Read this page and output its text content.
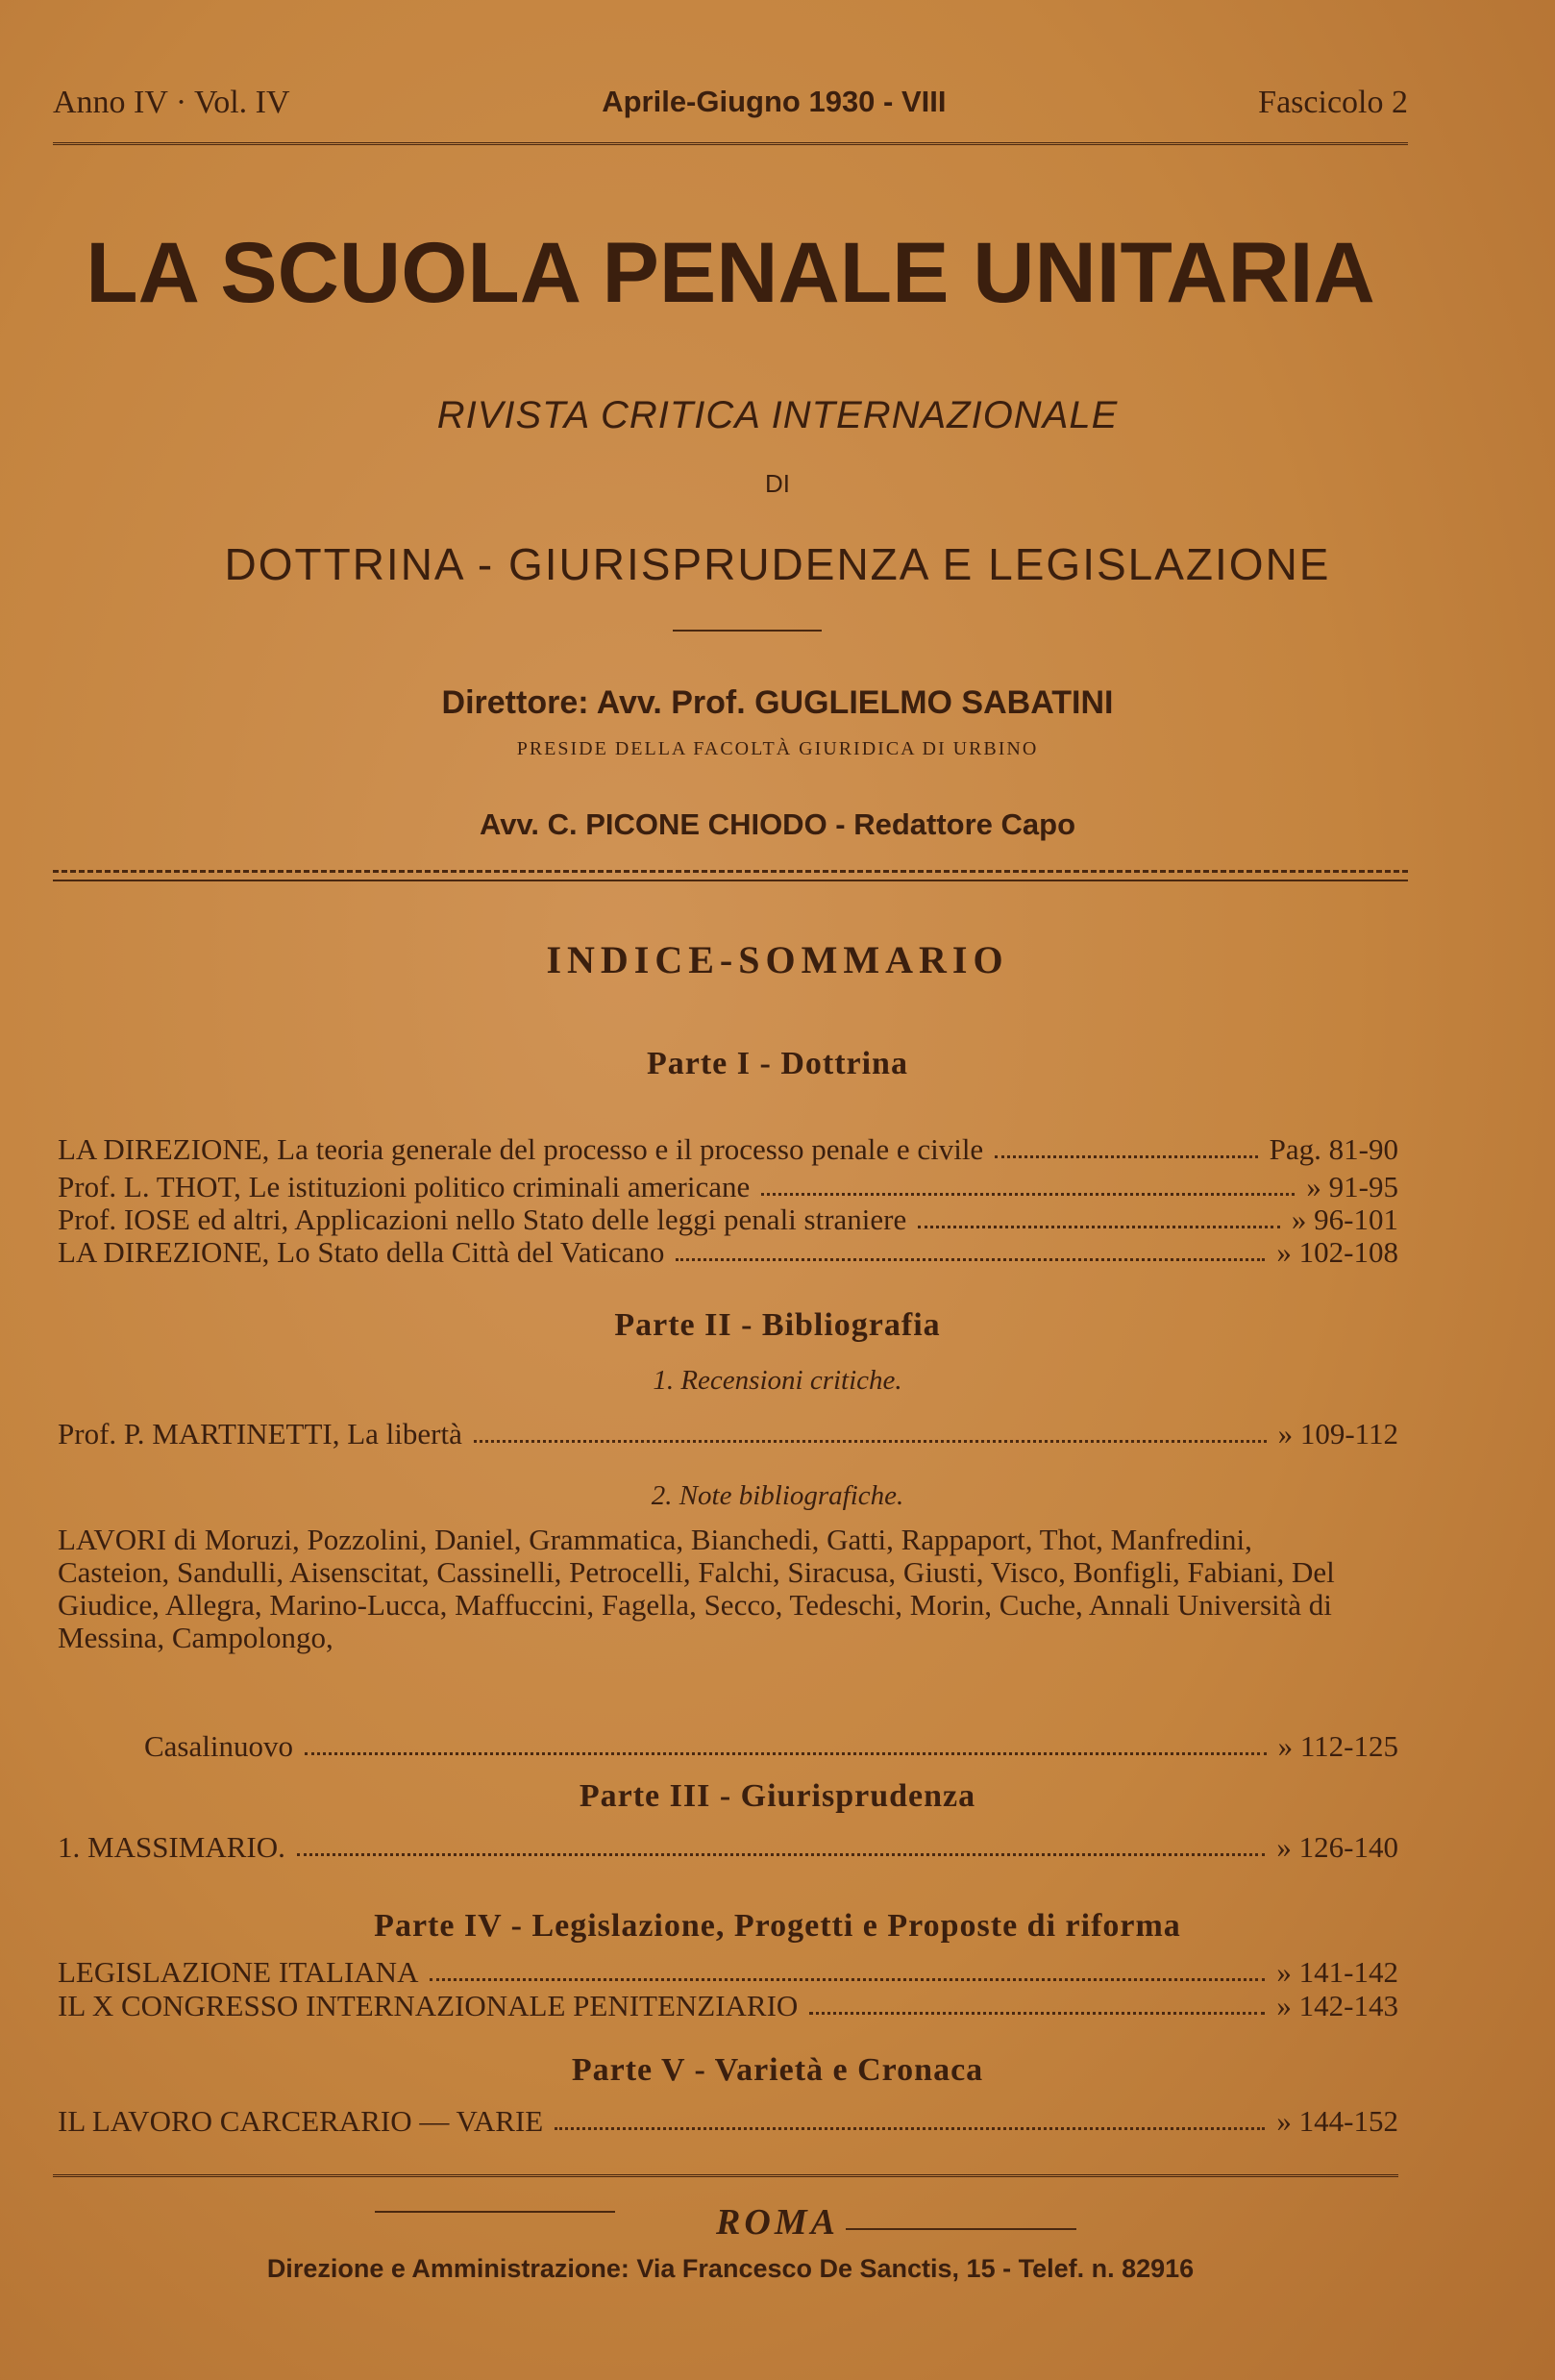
Anno IV · Vol. IV	Aprile-Giugno 1930 - VIII	Fascicolo 2
LA SCUOLA PENALE UNITARIA
RIVISTA CRITICA INTERNAZIONALE
DI
DOTTRINA - GIURISPRUDENZA E LEGISLAZIONE
Direttore: Avv. Prof. GUGLIELMO SABATINI
PRESIDE DELLA FACOLTÀ GIURIDICA DI URBINO
Avv. C. PICONE CHIODO - Redattore Capo
INDICE-SOMMARIO
Parte I - Dottrina
LA DIREZIONE, La teoria generale del processo e il processo penale e civile	Pag. 81-90
Prof. L. THOT, Le istituzioni politico criminali americane	» 91-95
Prof. IOSE ed altri, Applicazioni nello Stato delle leggi penali straniere	» 96-101
LA DIREZIONE, Lo Stato della Città del Vaticano	» 102-108
Parte II - Bibliografia
1. Recensioni critiche.
Prof. P. MARTINETTI, La libertà	» 109-112
2. Note bibliografiche.
LAVORI di Moruzi, Pozzolini, Daniel, Grammatica, Bianchedi, Gatti, Rappaport, Thot, Manfredini, Casteion, Sandulli, Aisenscitat, Cassinelli, Petrocelli, Falchi, Siracusa, Giusti, Visco, Bonfigli, Fabiani, Del Giudice, Allegra, Marino-Lucca, Maffuccini, Fagella, Secco, Tedeschi, Morin, Cuche, Annali Università di Messina, Campolongo,
Casalinuovo	» 112-125
Parte III - Giurisprudenza
1. MASSIMARIO.	» 126-140
Parte IV - Legislazione, Progetti e Proposte di riforma
LEGISLAZIONE ITALIANA	» 141-142
IL X CONGRESSO INTERNAZIONALE PENITENZIARIO	» 142-143
Parte V - Varietà e Cronaca
IL LAVORO CARCERARIO — VARIE	» 144-152
ROMA
Direzione e Amministrazione: Via Francesco De Sanctis, 15 - Telef. n. 82916
